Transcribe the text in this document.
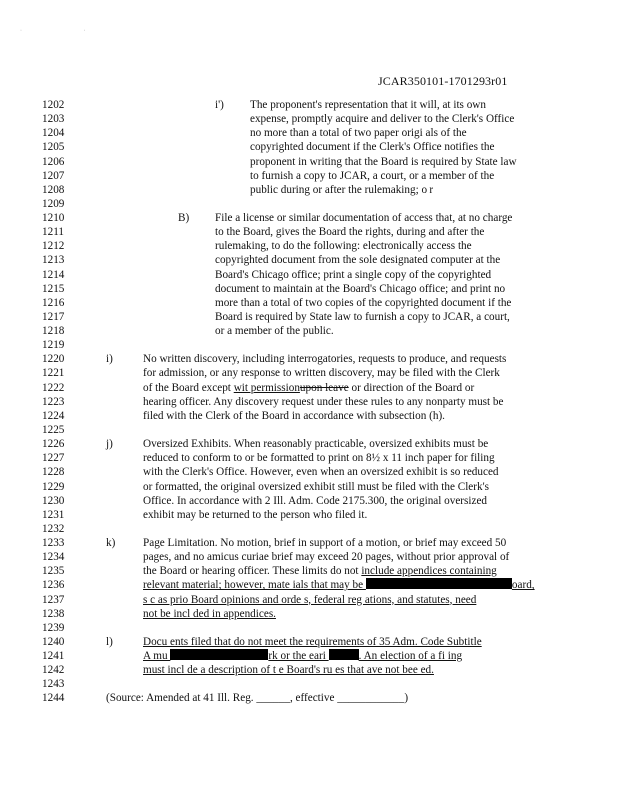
· ·
JCAR350101-1701293r01
1202	i') The proponent's representation that it will, at its own
1203	expense, promptly acquire and deliver to the Clerk's Office
1204	no more than a total of two paper origi als of the
1205	copyrighted document if the Clerk's Office notifies the
1206	proponent in writing that the Board is required by State law
1207	to furnish a copy to JCAR, a court, or a member of the
1208	public during or after the rulemaking; o r
1209
1210	B) File a license or similar documentation of access that, at no charge
1211	to the Board, gives the Board the rights, during and after the
1212	rulemaking, to do the following: electronically access the
1213	copyrighted document from the sole designated computer at the
1214	Board's Chicago office; print a single copy of the copyrighted
1215	document to maintain at the Board's Chicago office; and print no
1216	more than a total of two copies of the copyrighted document if the
1217	Board is required by State law to furnish a copy to JCAR, a court,
1218	or a member of the public.
1219
1220	i)	No written discovery, including interrogatories, requests to produce, and requests
1221	for admission, or any response to written discovery, may be filed with the Clerk
1222	of the Board except wit permissionupon leave or direction of the Board or
1223	hearing officer. Any discovery request under these rules to any nonparty must be
1224	filed with the Clerk of the Board in accordance with subsection (h).
1225
1226	j)	Oversized Exhibits. When reasonably practicable, oversized exhibits must be
1227	reduced to conform to or be formatted to print on 8½ x 11 inch paper for filing
1228	with the Clerk's Office. However, even when an oversized exhibit is so reduced
1229	or formatted, the original oversized exhibit still must be filed with the Clerk's
1230	Office. In accordance with 2 Ill. Adm. Code 2175.300, the original oversized
1231	exhibit may be returned to the person who filed it.
1232
1233	k) Page Limitation. No motion, brief in support of a motion, or brief may exceed 50
1234	pages, and no amicus curiae brief may exceed 20 pages, without prior approval of
1235	the Board or hearing officer. These limits do not include appendices containing
1236	relevant material; however, mate ials that may be	oard,
1237	s c as prio Board opinions and orde s, federal reg ations, and statutes, need
1238	not be incl ded in appendices.
1239
1240	l)	Docu ents filed that do not meet the requirements of 35 Adm. Code Subtitle
1241	A mu	rk or the eari	. An election of a fi ing
1242	must incl de a description of t e Board's ru es that ave not bee ed.
1243
1244	(Source: Amended at 41 Ill. Reg. ______, effective ____________)
